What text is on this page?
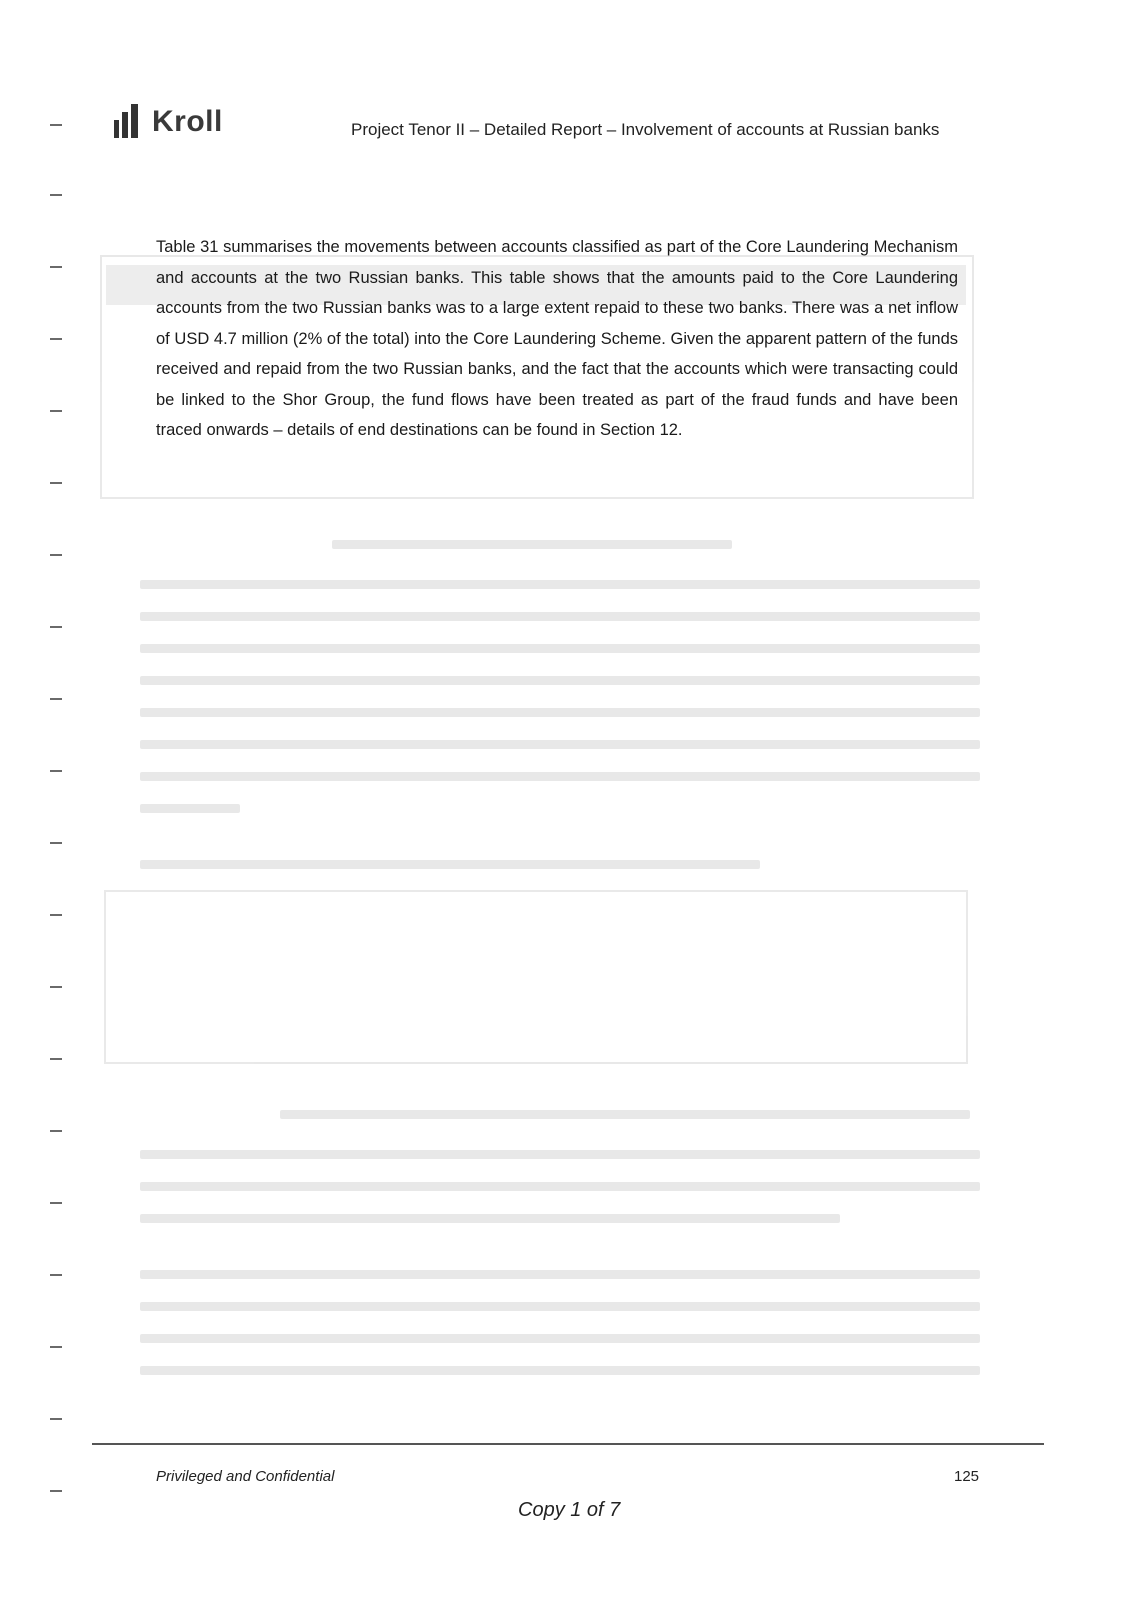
Kroll	Project Tenor II – Detailed Report – Involvement of accounts at Russian banks
Table 31 summarises the movements between accounts classified as part of the Core Laundering Mechanism and accounts at the two Russian banks. This table shows that the amounts paid to the Core Laundering accounts from the two Russian banks was to a large extent repaid to these two banks. There was a net inflow of USD 4.7 million (2% of the total) into the Core Laundering Scheme. Given the apparent pattern of the funds received and repaid from the two Russian banks, and the fact that the accounts which were transacting could be linked to the Shor Group, the fund flows have been treated as part of the fraud funds and have been traced onwards – details of end destinations can be found in Section 12.
Privileged and Confidential	125
Copy 1 of 7
